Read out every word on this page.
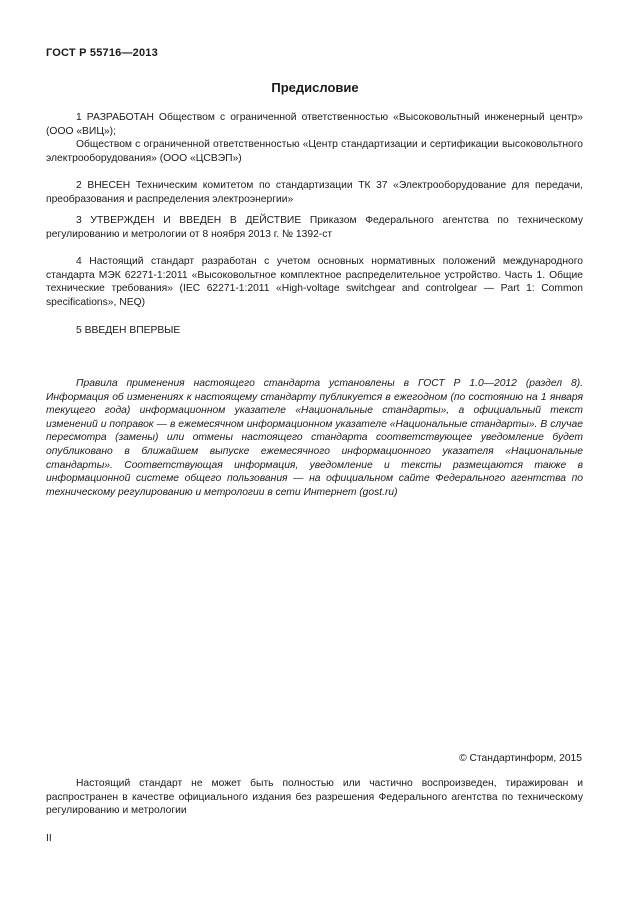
ГОСТ Р 55716—2013
Предисловие
1 РАЗРАБОТАН Обществом с ограниченной ответственностью «Высоковольтный инженерный центр» (ООО «ВИЦ»);
Обществом с ограниченной ответственностью «Центр стандартизации и сертификации высоковольтного электрооборудования» (ООО «ЦСВЭП»)
2 ВНЕСЕН Техническим комитетом по стандартизации ТК 37 «Электрооборудование для передачи, преобразования и распределения электроэнергии»
3 УТВЕРЖДЕН И ВВЕДЕН В ДЕЙСТВИЕ Приказом Федерального агентства по техническому регулированию и метрологии от 8 ноября 2013 г. № 1392-ст
4 Настоящий стандарт разработан с учетом основных нормативных положений международного стандарта МЭК 62271-1:2011 «Высоковольтное комплектное распределительное устройство. Часть 1. Общие технические требования» (IEC 62271-1:2011 «High-voltage switchgear and controlgear — Part 1: Common specifications», NEQ)
5 ВВЕДЕН ВПЕРВЫЕ
Правила применения настоящего стандарта установлены в ГОСТ Р 1.0—2012 (раздел 8). Информация об изменениях к настоящему стандарту публикуется в ежегодном (по состоянию на 1 января текущего года) информационном указателе «Национальные стандарты», а официальный текст изменений и поправок — в ежемесячном информационном указателе «Национальные стандарты». В случае пересмотра (замены) или отмены настоящего стандарта соответствующее уведомление будет опубликовано в ближайшем выпуске ежемесячного информационного указателя «Национальные стандарты». Соответствующая информация, уведомление и тексты размещаются также в информационной системе общего пользования — на официальном сайте Федерального агентства по техническому регулированию и метрологии в сети Интернет (gost.ru)
© Стандартинформ, 2015
Настоящий стандарт не может быть полностью или частично воспроизведен, тиражирован и распространен в качестве официального издания без разрешения Федерального агентства по техническому регулированию и метрологии
II
